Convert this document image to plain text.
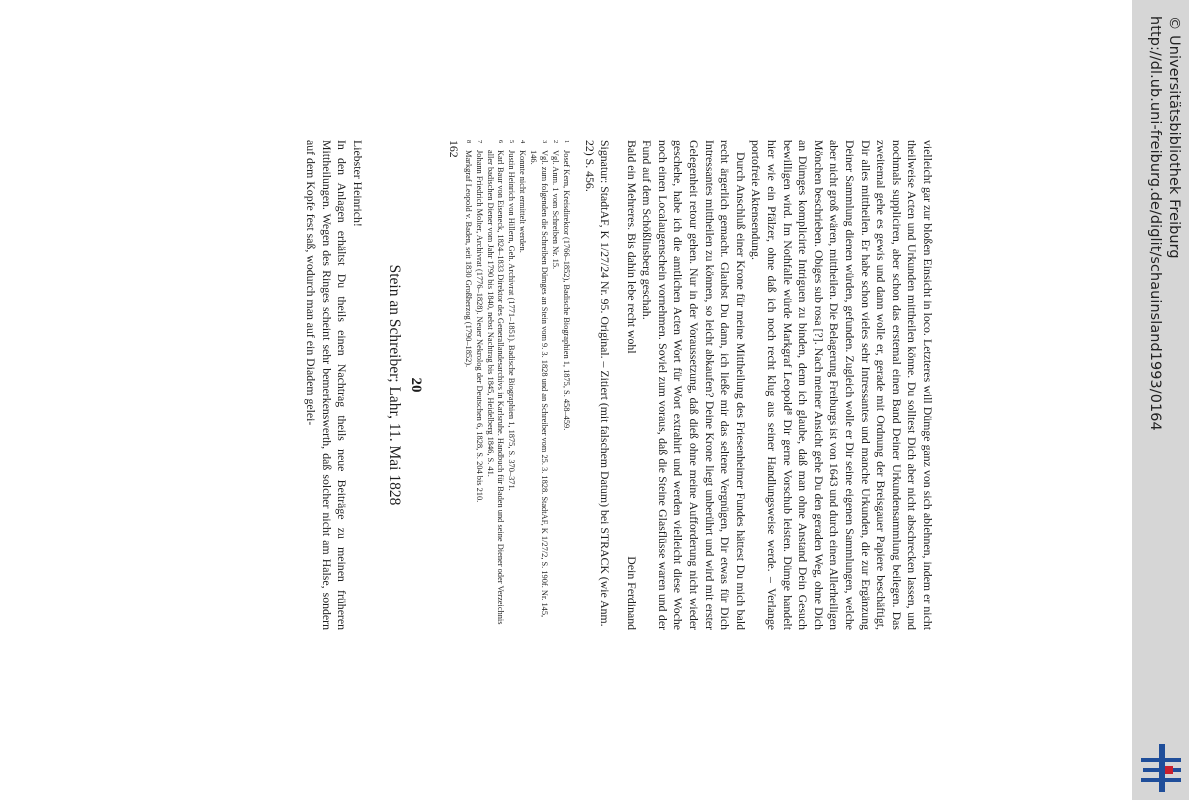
vielleicht gar zur bloßen Einsicht in loco. Letzteres will Dümge ganz von sich ablehnen, indem er nicht theilweise Acten und Urkunden mittheilen könne. Du solltest Dich aber nicht abschrecken lassen, und nochmals suppliciren, aber schon das erstemal einen Band Deiner Urkundensammlung beilegen. Das zweitemal gehe es gewis und dann wolle er, gerade mit Ordnung der Breisgauer Papiere beschäftigt, Dir alles mittheilen. Er habe schon vieles sehr Intressantes und manche Urkunden, die zur Ergänzung Deiner Sammlung dienen würden, gefunden. Zugleich wolle er Dir seine eigenen Sammlungen, welche aber nicht groß wären, mittheilen. Die Belagerung Freiburgs ist von 1643 und durch einen Allerheiligen Mönchen beschrieben. Obiges sub rosa [?]. Nach meiner Ansicht gehe Du den geraden Weg, ohne Dich an Dümges komplicirte Intriguen zu binden, denn ich glaube, daß man ohne Anstand Dein Gesuch bewilligen wird. Im Nothfalle würde Markgraf Leopold⁸ Dir gerne Vorschub leisten. Dümge handelt hier wie ein Pfälzer, ohne daß ich noch recht klug aus seiner Handlungsweise werde. – Verlange portofreie Aktensendung.

Durch Anschluß einer Krone für meine Mittheilung des Friesenheimer Fundes hättest Du mich bald recht ärgerlich gemacht. Glaubst Du dann, ich ließe mir das seltene Vergnügen, Dir etwas für Dich Intressantes mittheilen zu können, so leicht abkaufen? Deine Krone liegt unberührt und wird mit erster Gelegenheit retour gehen. Nur in der Voraussetzung, daß dieß ohne meine Aufforderung nicht wieder geschehe, habe ich die amtlichen Acten Wort für Wort extrahirt und werden vielleicht diese Woche noch einen Localaugenschein vornehmen. Soviel zum voraus, daß die Steine Glasflüsse waren und der Fund auf dem Schößlinsberg geschah.

Bald ein Mehreres. Bis dahin lebe recht wohl
Dein Ferdinand

Signatur: StadtAF, K 1/27/24 Nr. 95. Original. – Zitiert (mit falschem Datum) bei STRACK (wie Anm. 22) S. 456.

1
Josef Kern, Kreisdirektor (1766–1852), Badische Biographien 1, 1875, S. 458–459.
2
Vgl. Anm. 1 vom Schreiben Nr. 15.
3
Vgl. zum folgenden die Schreiben Dümges an Stein vom 9. 3. 1828 und an Schreiber vom 25. 3. 1828. StadtAF, K 1/27/2, S. 190f. Nr. 145, 146.
4
Konnte nicht ermittelt werden.
5
Justin Heinrich von Hillern, Geh. Archivrat (1771–1851). Badische Biographien 1, 1875, S. 370–371.
6
Karl Baur von Eiseneck, 1824–1833 Direktor des Generallandesarchivs in Karlsruhe. Handbuch für Baden und seine Diener oder Verzeichnis aller badischen Diener vom Jahr 1790 bis 1840, nebst Nachtrag bis 1845, Heidelberg 1846, S. 41.
7
Johann Friedrich Molter, Archivrat (1776–1828). Neuer Nekrolog der Deutschen 6, 1828, S. 204 bis 210.
8
Markgraf Leopold v. Baden, seit 1830 Großherzog (1790–1852).
20
Stein an Schreiber; Lahr, 11. Mai 1828

Liebster Heinrich!

In den Anlagen erhältst Du theils einen Nachtrag theils neue Beiträge zu meinen früheren Mittheilungen. Wegen des Ringes scheint sehr bemerkenswerth, daß solcher nicht am Halse, sondern auf dem Kopfe fest saß, wodurch man auf ein Diadem gelei-	162	http://dl.ub.uni-freiburg.de/diglit/schauinsland1993/0164 © Universitätsbibliothek Freiburg
